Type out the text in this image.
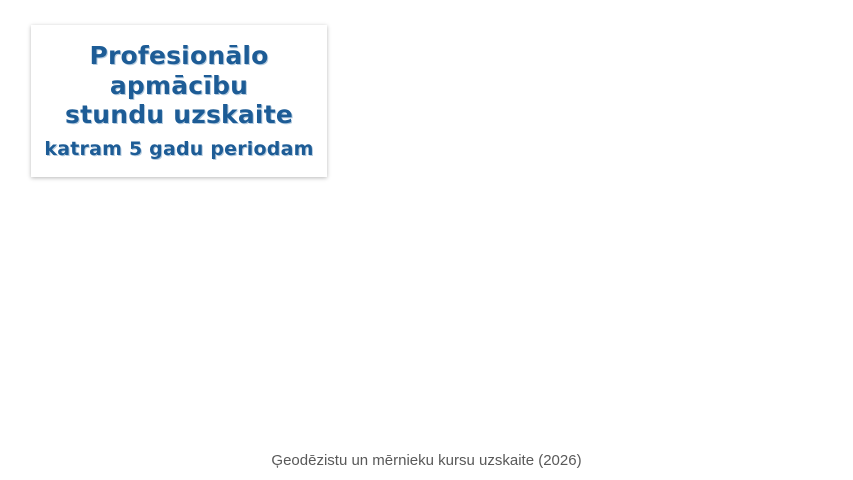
Profesionālo
apmācību
stundu uzskaite
katram 5 gadu periodam
Ģeodēzistu un mērnieku kursu uzskaite (2026)
